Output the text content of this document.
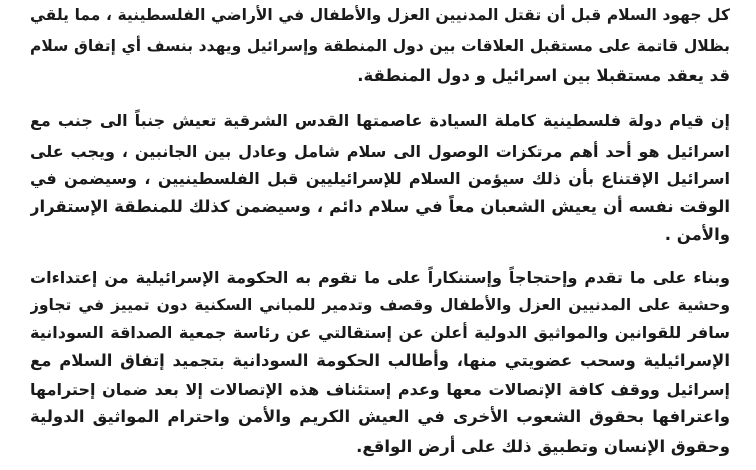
كل جهود السلام قبل أن تقتل المدنيين العزل والأطفال في الأراضي الفلسطينية ، مما يلقي
بظلال قاتمة على مستقبل العلاقات بين دول المنطقة وإسرائيل ويهدد بنسف أي إتفاق سلام
قد يعقد مستقبلا بين اسرائيل و دول المنطقة.
إن قيام دولة فلسطينية كاملة السيادة عاصمتها القدس الشرقية تعيش جنباً الى جنب مع
اسرائيل هو أحد أهم مرتكزات الوصول الى سلام شامل وعادل بين الجانبين ، ويجب على
اسرائيل الإقتناع بأن ذلك سيؤمن السلام للإسرائيليين قبل الفلسطينيين ، وسيضمن في
الوقت نفسه أن يعيش الشعبان معاً في سلام دائم ، وسيضمن كذلك للمنطقة الإستقرار
والأمن .
وبناء على ما تقدم وإحتجاجاً وإستنكاراً على ما تقوم به الحكومة الإسرائيلية من إعتداءات
وحشية على المدنيين العزل والأطفال وقصف وتدمير للمباني السكنية دون تمييز في تجاوز
سافر للقوانين والمواثيق الدولية أعلن عن إستقالتي عن رئاسة جمعية الصداقة السودانية
الإسرائيلية وسحب عضويتي منها، وأطالب الحكومة السودانية بتجميد إتفاق السلام مع
إسرائيل ووقف كافة الإتصالات معها وعدم إستئناف هذه الإتصالات إلا بعد ضمان إحترامها
واعترافها بحقوق الشعوب الأخرى في العيش الكريم والأمن واحترام المواثيق الدولية
وحقوق الإنسان وتطبيق ذلك على أرض الواقع.
